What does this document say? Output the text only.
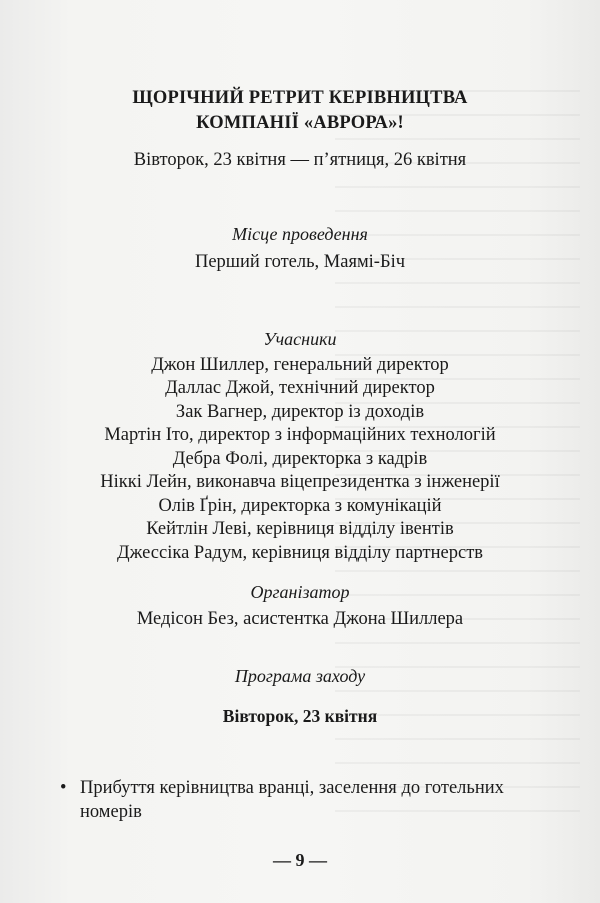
ЩОРІЧНИЙ РЕТРИТ КЕРІВНИЦТВА
КОМПАНІЇ «АВРОРА»!
Вівторок, 23 квітня — п’ятниця, 26 квітня
Місце проведення
Перший готель, Маямі-Біч
Учасники
Джон Шиллер, генеральний директор
Даллас Джой, технічний директор
Зак Вагнер, директор із доходів
Мартін Іто, директор з інформаційних технологій
Дебра Фолі, директорка з кадрів
Ніккі Лейн, виконавча віцепрезидентка з інженерії
Олів Ґрін, директорка з комунікацій
Кейтлін Леві, керівниця відділу івентів
Джессіка Радум, керівниця відділу партнерств
Організатор
Медісон Без, асистентка Джона Шиллера
Програма заходу
Вівторок, 23 квітня
• Прибуття керівництва вранці, заселення до готельних номерів
— 9 —
